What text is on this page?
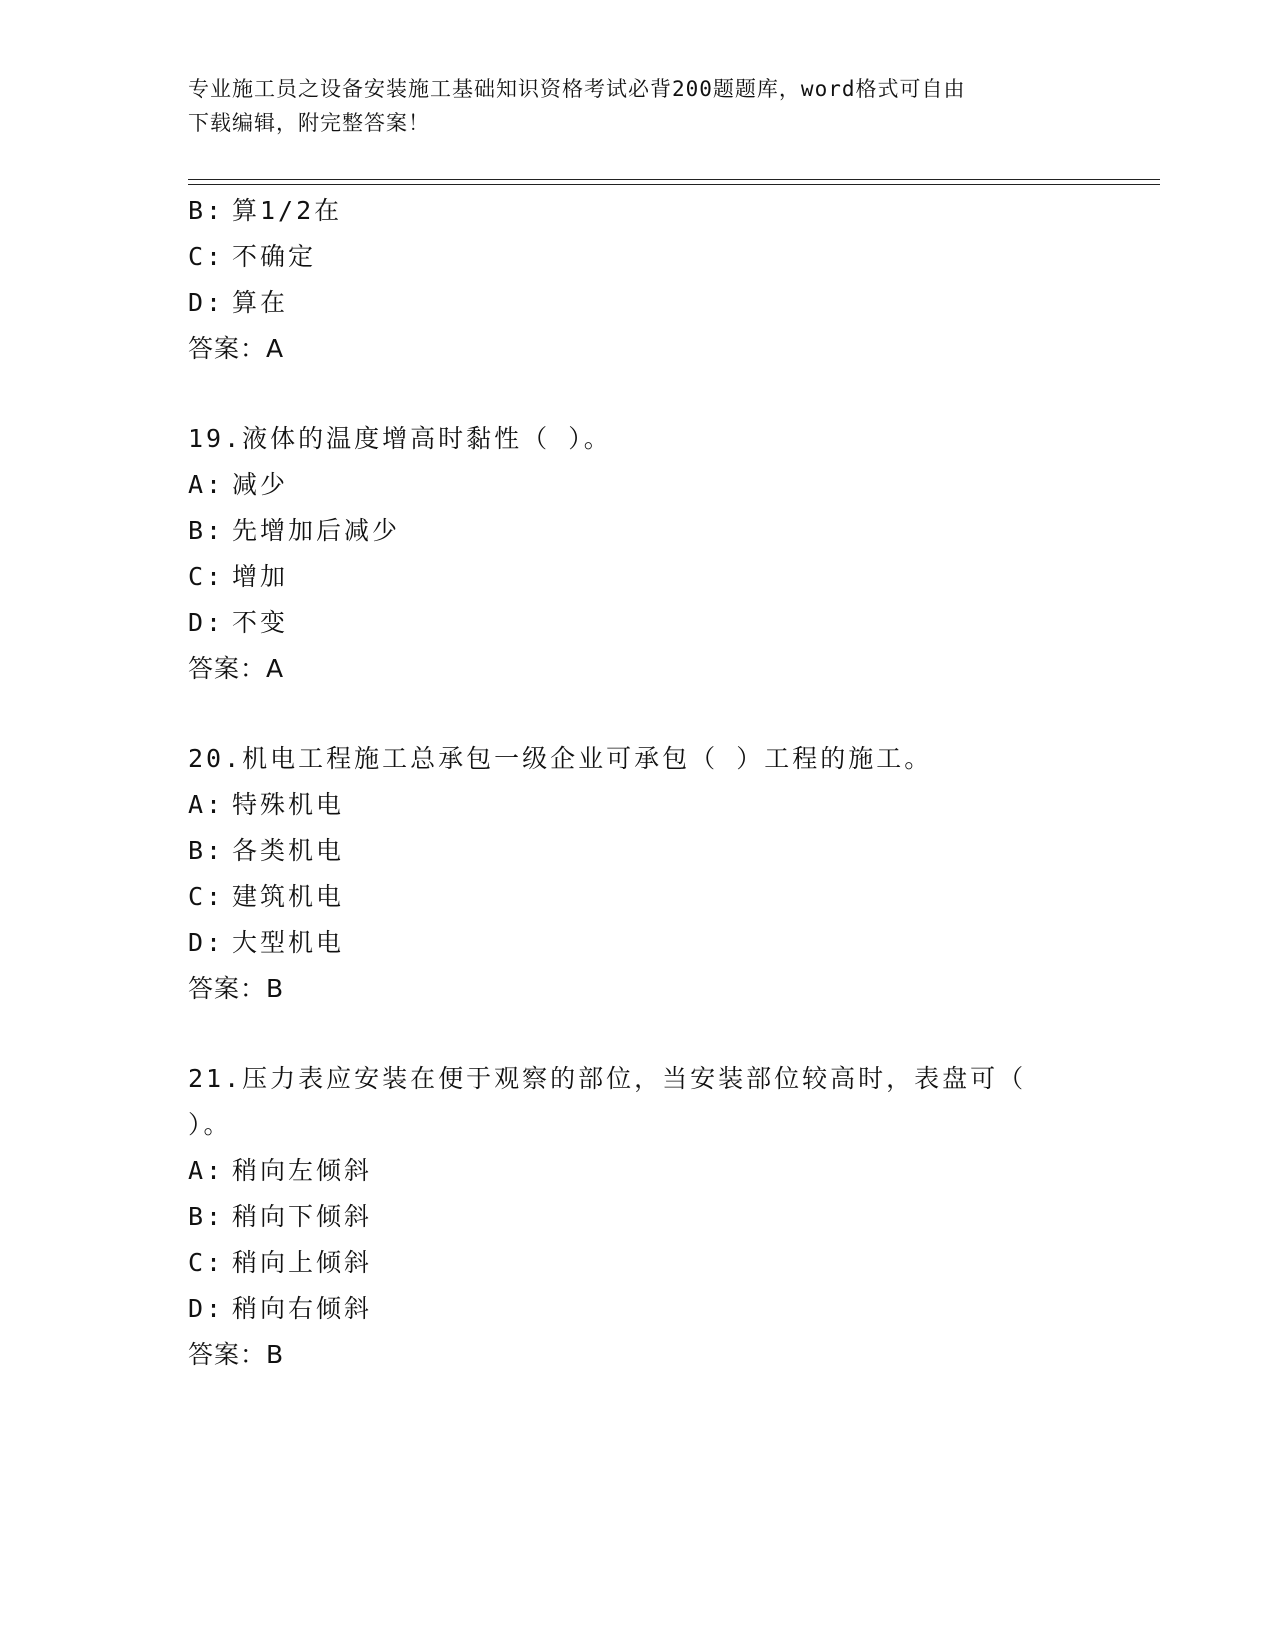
专业施工员之设备安装施工基础知识资格考试必背200题题库，word格式可自由
下载编辑，附完整答案！
B: 算1/2在
C: 不确定
D: 算在
答案：A
19.液体的温度增高时黏性（ ）。
A: 减少
B: 先增加后减少
C: 增加
D: 不变
答案：A
20.机电工程施工总承包一级企业可承包（ ）工程的施工。
A: 特殊机电
B: 各类机电
C: 建筑机电
D: 大型机电
答案：B
21.压力表应安装在便于观察的部位，当安装部位较高时，表盘可（
）。
A: 稍向左倾斜
B: 稍向下倾斜
C: 稍向上倾斜
D: 稍向右倾斜
答案：B
